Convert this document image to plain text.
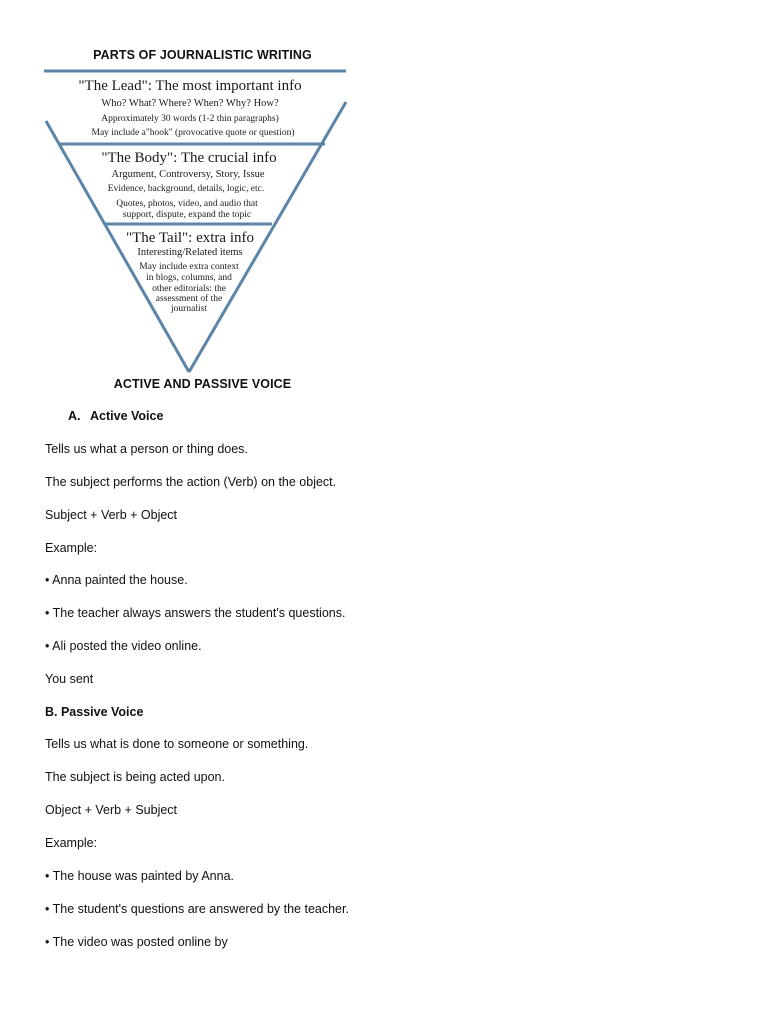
PARTS OF JOURNALISTIC WRITING
"The Lead": The most important info
Who? What? Where? When? Why? How?
Approximately 30 words (1-2 thin paragraphs)
May include a"hook" (provocative quote or question)
"The Body": The crucial info
Argument, Controversy, Story, Issue
Evidence, background, details, logic, etc.
Quotes, photos, video, and audio that
support, dispute, expand the topic
"The Tail": extra info
Interesting/Related items
May include extra context
in blogs, columns, and
other editorials: the
assessment of the
journalist
ACTIVE AND PASSIVE VOICE
A. Active Voice
Tells us what a person or thing does.
The subject performs the action (Verb) on the object.
Subject + Verb + Object
Example:
• Anna painted the house.
• The teacher always answers the student's questions.
• Ali posted the video online.
You sent
B. Passive Voice
Tells us what is done to someone or something.
The subject is being acted upon.
Object + Verb + Subject
Example:
• The house was painted by Anna.
• The student's questions are answered by the teacher.
• The video was posted online by
